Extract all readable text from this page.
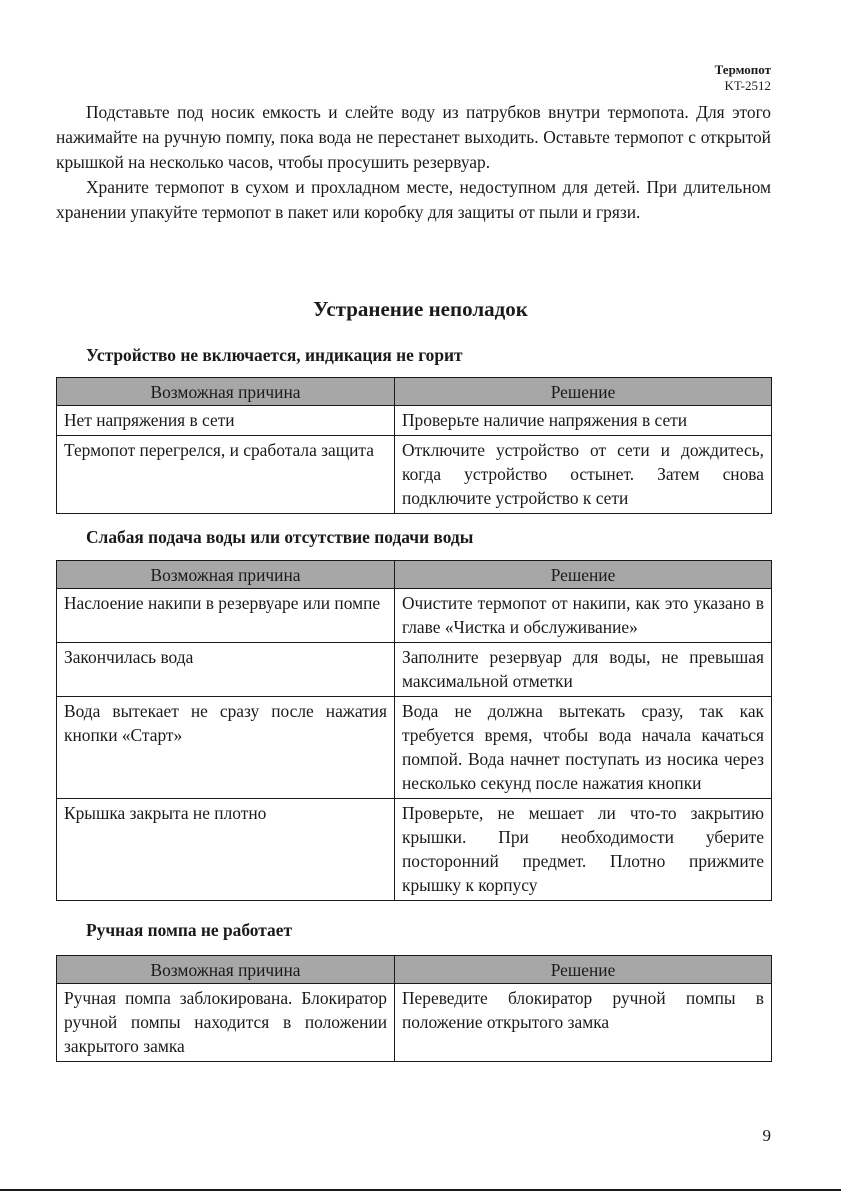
Термопот
KT-2512

Подставьте под носик емкость и слейте воду из патрубков внутри термопота. Для этого нажимайте на ручную помпу, пока вода не перестанет выходить. Оставьте термопот с открытой крышкой на несколько часов, чтобы просушить резервуар.

Храните термопот в сухом и прохладном месте, недоступном для детей. При длительном хранении упакуйте термопот в пакет или коробку для защиты от пыли и грязи.

Устранение неполадок
Устройство не включается, индикация не горит
Возможная причина	Решение
Нет напряжения в сети	Проверьте наличие напряжения в сети
Термопот перегрелся, и сработала защита	Отключите устройство от сети и дождитесь, когда устройство остынет. Затем снова подключите устройство к сети
Слабая подача воды или отсутствие подачи воды
Возможная причина	Решение
Наслоение накипи в резервуаре или помпе	Очистите термопот от накипи, как это указано в главе «Чистка и обслуживание»
Закончилась вода	Заполните резервуар для воды, не превышая максимальной отметки
Вода вытекает не сразу после нажатия кнопки «Старт»	Вода не должна вытекать сразу, так как требуется время, чтобы вода начала качаться помпой. Вода начнет поступать из носика через несколько секунд после нажатия кнопки
Крышка закрыта не плотно	Проверьте, не мешает ли что-то закрытию крышки. При необходимости уберите посторонний предмет. Плотно прижмите крышку к корпусу
Ручная помпа не работает
Возможная причина	Решение
Ручная помпа заблокирована. Блокиратор ручной помпы находится в положении закрытого замка	Переведите блокиратор ручной помпы в положение открытого замка
9
